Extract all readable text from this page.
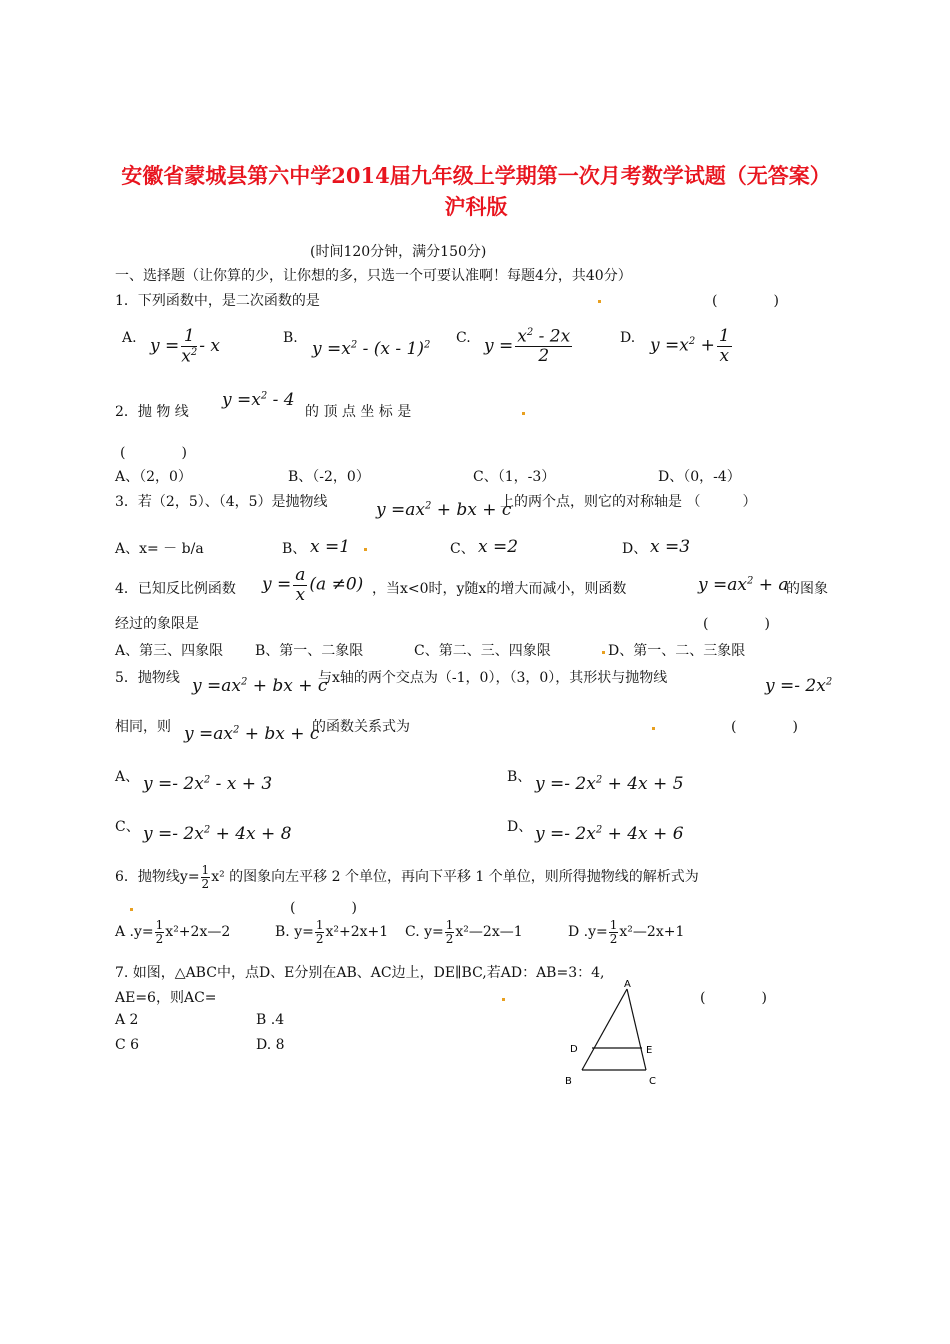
安徽省蒙城县第六中学2014届九年级上学期第一次月考数学试题（无答案） 沪科版
(时间120分钟，满分150分)
一、选择题（让你算的少，让你想的多，只选一个可要认准啊！每题4分，共40分）
1．下列函数中，是二次函数的是	(　　　　)
A. $y = \frac{1}{x^2} - x$	B.
$y =x^2 - (x - 1)^2$ C. $y = \frac{x^2 - 2x}{2}$	D. $y =x^2 + \frac{1}{x}$
2．抛 物 线
$y =x^2 - 4$
的 顶 点 坐 标 是
(　　　　)
A、（2，0）	B、（-2，0）	C、（1，-3）	D、（0，-4）
3．若（2，5）、（4，5）是抛物线	$y =ax^2$ + bx + c
上的两个点，则它的对称轴是 （　　　）
A、x= － b/a	B、 x =1	C、 x =2	D、 x =3
4．已知反比例函数 $y = \frac{a}{x} (a \ne 0)$ ，当x<0时，y随x的增大而减小，则函数	$y =ax^2 + a$
的图象
经过的象限是	(　　　　)
A、第三、四象限 B、第一、二象限	C、第二、三、四象限	D、第一、二、三象限
5．抛物线 $y =ax^2$ + bx + c
与x轴的两个交点为（-1，0），（3，0），其形状与抛物线	$y =- 2x^2$
相同，则 $y =ax^2$ + bx + c
的函数关系式为	(　　　　)
A、 $y =- 2x^2 - x + 3$	B、 $y =- 2x^2 + 4x + 5$
C、 $y =- 2x^2 + 4x + 8$	D、 $y =- 2x^2 + 4x + 6$
6．抛物线$y= \frac{1}{2} x^2$ 的图象向左平移 2 个单位，再向下平移 1 个单位，则所得抛物线的解析式为
(　　　　)
A $.y= \frac{1}{2}$ x²+2x—2	B. $y= \frac{1}{2} x^2+2x+1$ C. $y= \frac{1}{2}$ x²—2x—1	D $.y= \frac{1}{2}$ x²—2x+1
7. 如图，△ABC中，点D、E分别在AB、AC边上，DE∥BC,若AD：AB=3：4,
AE=6，则AC=	(　　　　)
A 2	B .4
C 6	D. 8
A
D	E
B	C
